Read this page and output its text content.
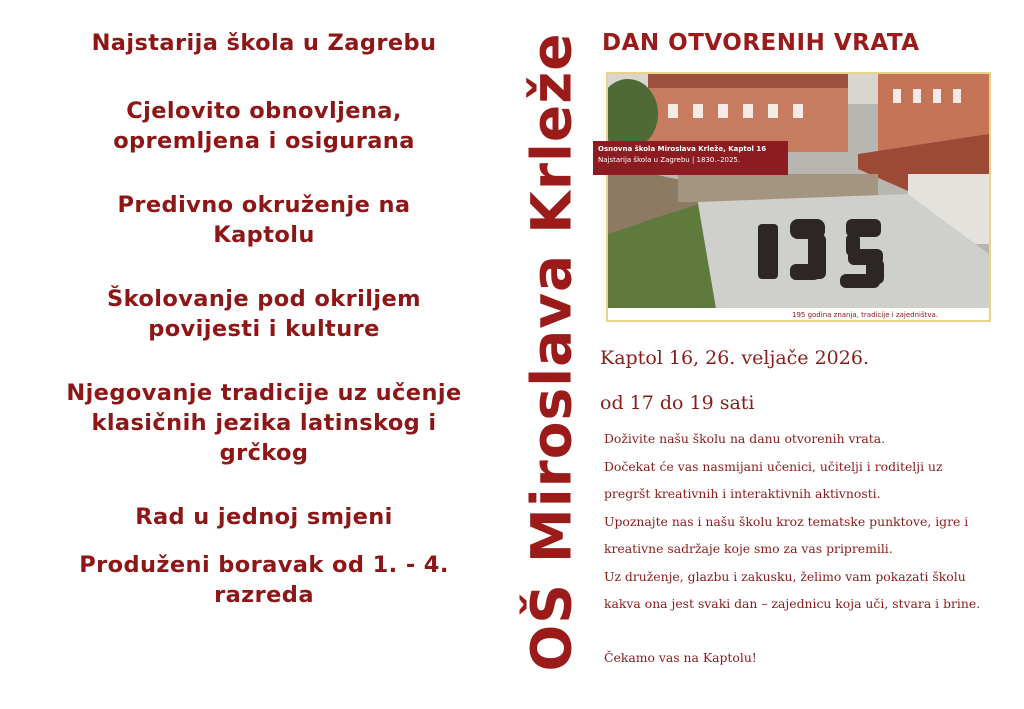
Najstarija škola u Zagrebu

Cjelovito obnovljena,

opremljena i osigurana

Predivno okruženje na

Kaptolu

Školovanje pod okriljem

povijesti i kulture

Njegovanje tradicije uz učenje

klasičnih jezika latinskog i

grčkog

Rad u jednoj smjeni

Produženi boravak od 1. - 4.

razreda	OŠ Miroslava Krleže DAN OTVORENIH VRATA
Osnovna škola Miroslava Krleže, Kaptol 16
Najstarija škola u Zagrebu | 1830.–2025.
195 godina znanja, tradicije i zajedništva.
Kaptol 16, 26. veljače 2026.
od 17 do 19 sati

Doživite našu školu na danu otvorenih vrata.

Dočekat će vas nasmijani učenici, učitelji i roditelji uz

pregršt kreativnih i interaktivnih aktivnosti.

Upoznajte nas i našu školu kroz tematske punktove, igre i

kreativne sadržaje koje smo za vas pripremili.

Uz druženje, glazbu i zakusku, želimo vam pokazati školu

kakva ona jest svaki dan – zajednicu koja uči, stvara i brine.

Čekamo vas na Kaptolu!
